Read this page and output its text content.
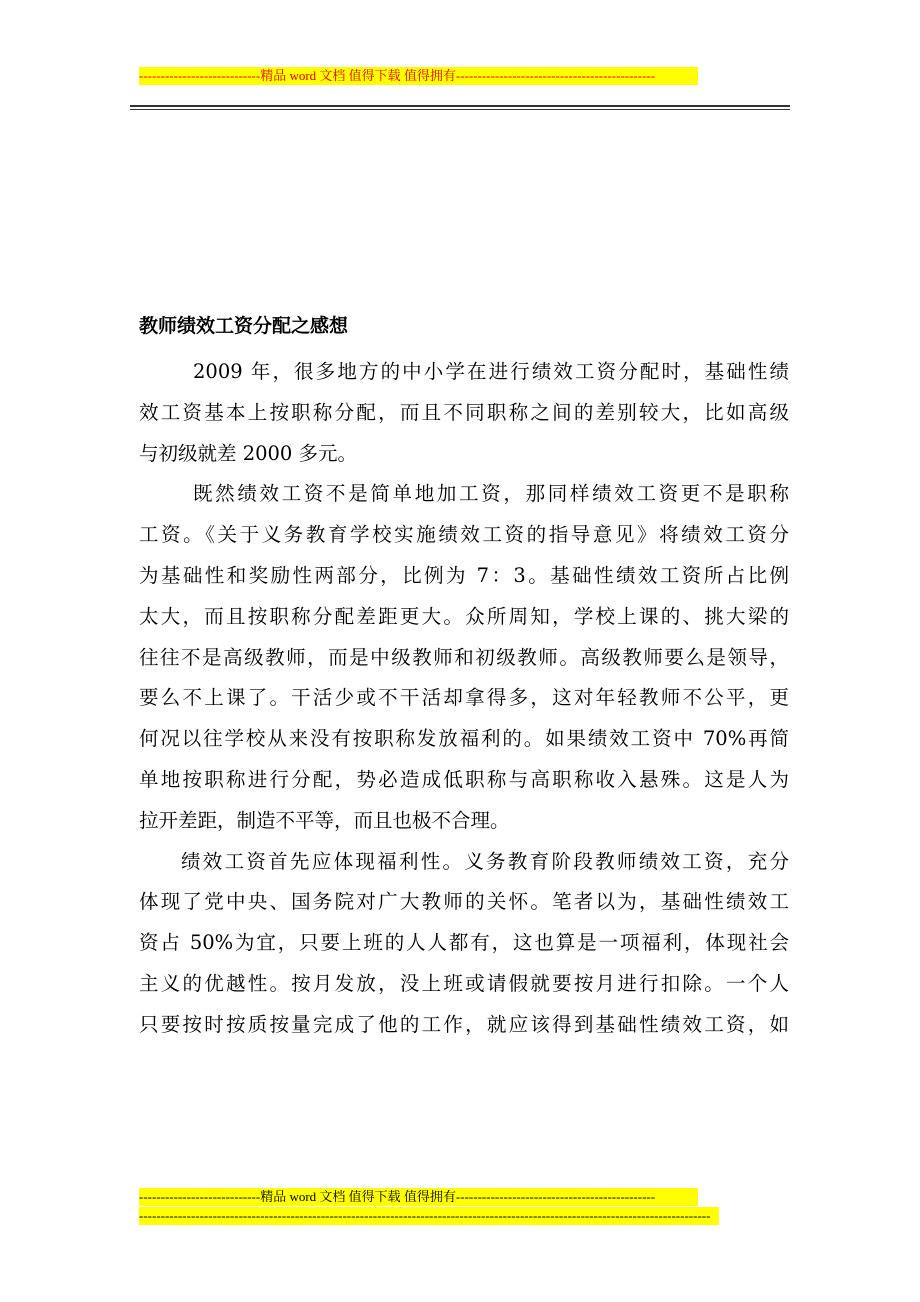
----------------------------精品 word 文档 值得下载 值得拥有----------------------------------------------
教师绩效工资分配之感想
2009 年，很多地方的中小学在进行绩效工资分配时，基础性绩
效工资基本上按职称分配，而且不同职称之间的差别较大，比如高级
与初级就差 2000 多元。
既然绩效工资不是简单地加工资，那同样绩效工资更不是职称
工资。《关于义务教育学校实施绩效工资的指导意见》将绩效工资分
为基础性和奖励性两部分，比例为 7：3。基础性绩效工资所占比例
太大，而且按职称分配差距更大。众所周知，学校上课的、挑大梁的
往往不是高级教师，而是中级教师和初级教师。高级教师要么是领导，
要么不上课了。干活少或不干活却拿得多，这对年轻教师不公平，更
何况以往学校从来没有按职称发放福利的。如果绩效工资中 70%再简
单地按职称进行分配，势必造成低职称与高职称收入悬殊。这是人为
拉开差距，制造不平等，而且也极不合理。
绩效工资首先应体现福利性。义务教育阶段教师绩效工资，充分
体现了党中央、国务院对广大教师的关怀。笔者以为，基础性绩效工
资占 50%为宜，只要上班的人人都有，这也算是一项福利，体现社会
主义的优越性。按月发放，没上班或请假就要按月进行扣除。一个人
只要按时按质按量完成了他的工作，就应该得到基础性绩效工资，如
----------------------------精品 word 文档 值得下载 值得拥有----------------------------------------------
------------------------------------------------------------------------------------------------------------------------------------
